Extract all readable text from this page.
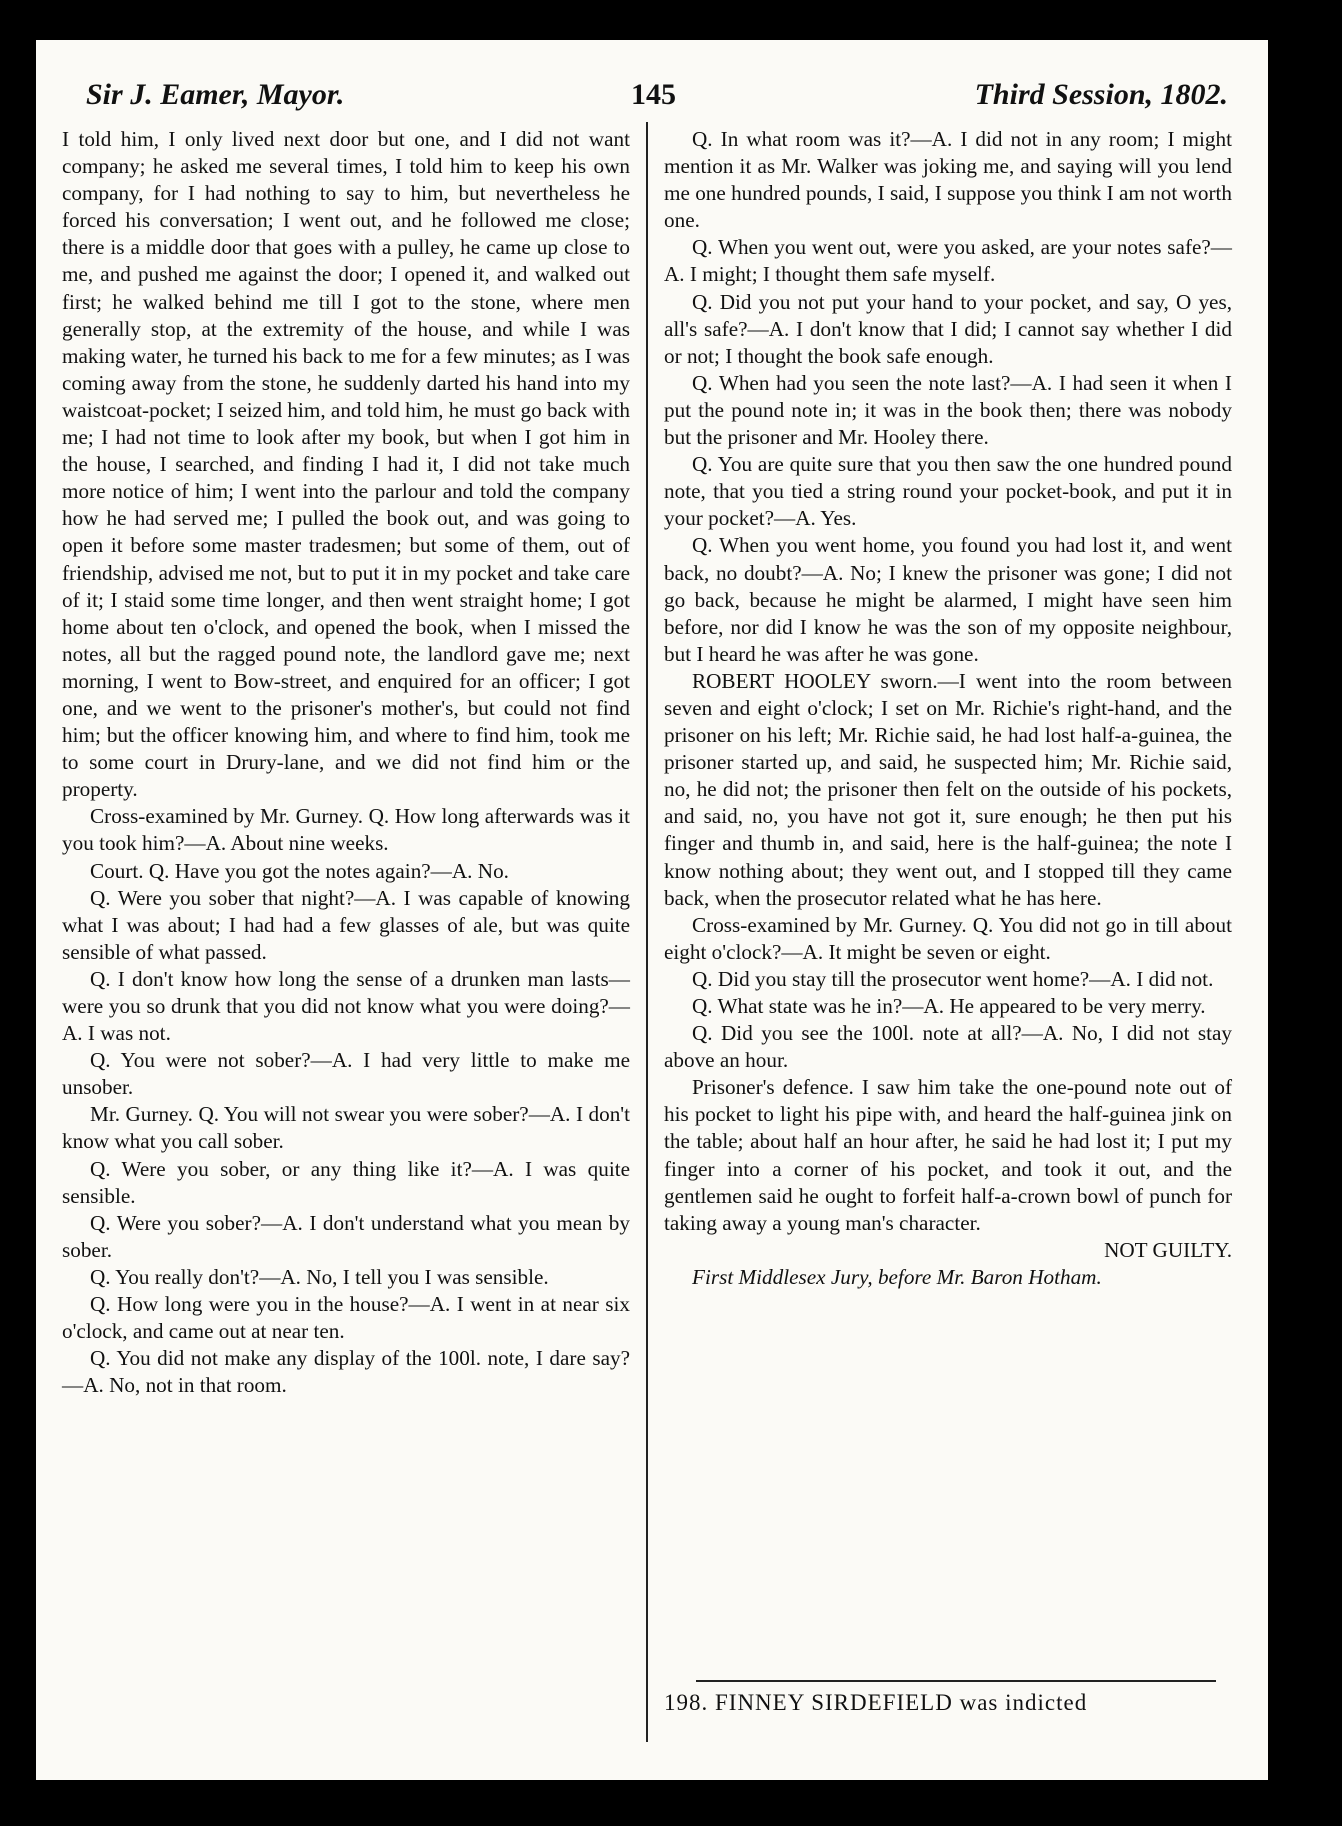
Sir J. Eamer, Mayor.	145	Third Session, 1802.

I told him, I only lived next door but one, and I did not want company; he asked me several times, I told him to keep his own company, for I had nothing to say to him, but nevertheless he forced his conversation; I went out, and he followed me close; there is a middle door that goes with a pulley, he came up close to me, and pushed me against the door; I opened it, and walked out first; he walked behind me till I got to the stone, where men generally stop, at the extremity of the house, and while I was making water, he turned his back to me for a few minutes; as I was coming away from the stone, he suddenly darted his hand into my waistcoat-pocket; I seized him, and told him, he must go back with me; I had not time to look after my book, but when I got him in the house, I searched, and finding I had it, I did not take much more notice of him; I went into the parlour and told the company how he had served me; I pulled the book out, and was going to open it before some master tradesmen; but some of them, out of friendship, advised me not, but to put it in my pocket and take care of it; I staid some time longer, and then went straight home; I got home about ten o'clock, and opened the book, when I missed the notes, all but the ragged pound note, the landlord gave me; next morning, I went to Bow-street, and enquired for an officer; I got one, and we went to the prisoner's mother's, but could not find him; but the officer knowing him, and where to find him, took me to some court in Drury-lane, and we did not find him or the property.

Cross-examined by Mr. Gurney. Q. How long afterwards was it you took him?—A. About nine weeks.

Court. Q. Have you got the notes again?—A. No.

Q. Were you sober that night?—A. I was capable of knowing what I was about; I had had a few glasses of ale, but was quite sensible of what passed.

Q. I don't know how long the sense of a drunken man lasts—were you so drunk that you did not know what you were doing?—A. I was not.

Q. You were not sober?—A. I had very little to make me unsober.

Mr. Gurney. Q. You will not swear you were sober?—A. I don't know what you call sober.

Q. Were you sober, or any thing like it?—A. I was quite sensible.

Q. Were you sober?—A. I don't understand what you mean by sober.

Q. You really don't?—A. No, I tell you I was sensible.

Q. How long were you in the house?—A. I went in at near six o'clock, and came out at near ten.

Q. You did not make any display of the 100l. note, I dare say?—A. No, not in that room.

Q. In what room was it?—A. I did not in any room; I might mention it as Mr. Walker was joking me, and saying will you lend me one hundred pounds, I said, I suppose you think I am not worth one.

Q. When you went out, were you asked, are your notes safe?—A. I might; I thought them safe myself.

Q. Did you not put your hand to your pocket, and say, O yes, all's safe?—A. I don't know that I did; I cannot say whether I did or not; I thought the book safe enough.

Q. When had you seen the note last?—A. I had seen it when I put the pound note in; it was in the book then; there was nobody but the prisoner and Mr. Hooley there.

Q. You are quite sure that you then saw the one hundred pound note, that you tied a string round your pocket-book, and put it in your pocket?—A. Yes.

Q. When you went home, you found you had lost it, and went back, no doubt?—A. No; I knew the prisoner was gone; I did not go back, because he might be alarmed, I might have seen him before, nor did I know he was the son of my opposite neighbour, but I heard he was after he was gone.

ROBERT HOOLEY sworn.—I went into the room between seven and eight o'clock; I set on Mr. Richie's right-hand, and the prisoner on his left; Mr. Richie said, he had lost half-a-guinea, the prisoner started up, and said, he suspected him; Mr. Richie said, no, he did not; the prisoner then felt on the outside of his pockets, and said, no, you have not got it, sure enough; he then put his finger and thumb in, and said, here is the half-guinea; the note I know nothing about; they went out, and I stopped till they came back, when the prosecutor related what he has here.

Cross-examined by Mr. Gurney. Q. You did not go in till about eight o'clock?—A. It might be seven or eight.

Q. Did you stay till the prosecutor went home?—A. I did not.

Q. What state was he in?—A. He appeared to be very merry.

Q. Did you see the 100l. note at all?—A. No, I did not stay above an hour.

Prisoner's defence. I saw him take the one-pound note out of his pocket to light his pipe with, and heard the half-guinea jink on the table; about half an hour after, he said he had lost it; I put my finger into a corner of his pocket, and took it out, and the gentlemen said he ought to forfeit half-a-crown bowl of punch for taking away a young man's character.

NOT GUILTY.

First Middlesex Jury, before Mr. Baron Hotham.

198. FINNEY SIRDEFIELD was indicted
